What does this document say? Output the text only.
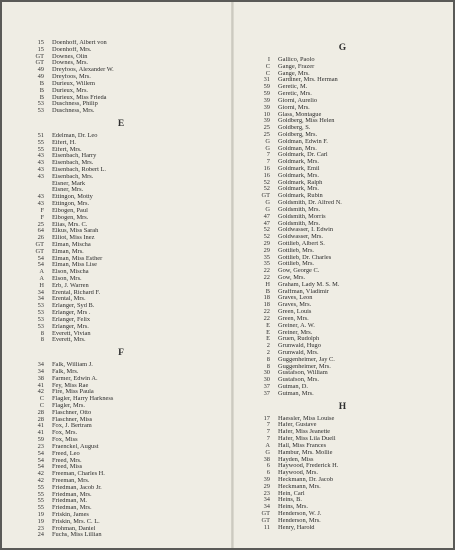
15	Doenhoff, Albert von
15	Doenhoff, Mrs.
GT	Downes, Olin
GT	Downes, Mrs.
49	Dreyfoos, Alexander W.
49	Dreyfoos, Mrs.
B	Durieux, Willem
B	Durieux, Mrs.
B	Durieux, Miss Frieda
53	Duschness, Philip
53	Duschness, Mrs.
E
51	Edelman, Dr. Leo
55	Eifert, H.
55	Eifert, Mrs.
43	Eisenbach, Harry
43	Eisenbach, Mrs.
43	Eisenbach, Robert L.
43	Eisenbach, Mrs.
Eisner, Mark
Eisner, Mrs.
43	Ettingon, Motty
43	Ettingon, Mrs.
F	Elbogen, Paul
F	Elbogen, Mrs.
25	Elias, Mrs. C.
64	Elkus, Miss Sarah
26	Elliot, Miss Inez
GT	Elman, Mischa
GT	Elman, Mrs.
54	Elman, Miss Esther
54	Elman, Miss Lise
A	Elson, Mischa
A	Elson, Mrs.
H	Erb, J. Warren
34	Erental, Richard F.
34	Erental, Mrs.
53	Erlanger, Syd B.
53	Erlanger, Mrs .
53	Erlanger, Felix
53	Erlanger, Mrs.
8	Everett, Vivian
8	Everett, Mrs.
F
34	Falk, William J.
34	Falk, Mrs.
38	Farmer, Edwin A.
41	Fey, Miss Rae
42	Fire, Miss Paula
C	Flagler, Harry Harkness
C	Flagler, Mrs.
28	Flaschner, Otto
28	Flaschner, Miss
41	Fox, J. Bertram
41	Fox, Mrs.
59	Fox, Miss
23	Fraenckel, August
54	Freed, Leo
54	Freed, Mrs.
54	Freed, Miss
42	Freeman, Charles H.
42	Freeman, Mrs.
55	Friedman, Jacob Jr.
55	Friedman, Mrs.
55	Friedman, M.
55	Friedman, Mrs.
19	Friskin, James
19	Friskin, Mrs. C. L.
23	Frohman, Daniel
24	Fuchs, Miss Lillian
G
I	Gallico, Paolo
C	Gange, Frazer
C	Gange, Mrs.
31	Gardiner, Mrs. Herman
59	Geretic, M.
59	Geretic, Mrs.
39	Giorni, Aurelio
39	Giorni, Mrs.
10	Glass, Montague
39	Goldberg, Miss Helen
25	Goldberg, S.
25	Goldberg, Mrs.
G	Goldman, Edwin F.
G	Goldman, Mrs.
7	Goldmark, Dr. Carl
7	Goldmark, Mrs.
16	Goldmark, Emil
16	Goldmark, Mrs.
52	Goldmark, Ralph
52	Goldmark, Mrs.
GT	Goldmark, Rubin
G	Goldsmith, Dr. Alfred N.
G	Goldsmith, Mrs.
47	Goldsmith, Morris
47	Goldsmith, Mrs.
52	Goldwasser, I. Edwin
52	Goldwasser, Mrs.
29	Gottlieb, Albert S.
29	Gottlieb, Mrs.
35	Gottlieb, Dr. Charles
35	Gottlieb, Mrs.
22	Gow, George C.
22	Gow, Mrs.
H	Graham, Lady M. S. M.
B	Graffman, Vladimir
18	Graves, Leon
18	Graves, Mrs.
22	Green, Louis
22	Green, Mrs.
E	Greiner, A. W.
E	Greiner, Mrs.
E	Gruen, Rudolph
2	Grunwald, Hugo
2	Grunwald, Mrs.
8	Guggenheimer, Jay C.
8	Guggenheimer, Mrs.
30	Gustafson, William
30	Gustafson, Mrs.
37	Gutman, D.
37	Gutman, Mrs.
H
17	Haessler, Miss Louise
7	Hafer, Gustave
7	Hafer, Miss Jeanette
7	Hafer, Miss Lila Duell
A	Hall, Miss Frances
G	Hambur, Mrs. Mollie
38	Hayden, Miss
6	Haywood, Frederick H.
6	Haywood, Mrs.
39	Heckmann, Dr. Jacob
29	Heckmann, Mrs.
23	Hein, Carl
34	Heins, B.
34	Heins, Mrs.
GT	Henderson, W. J.
GT	Henderson, Mrs.
11	Henry, Harold
